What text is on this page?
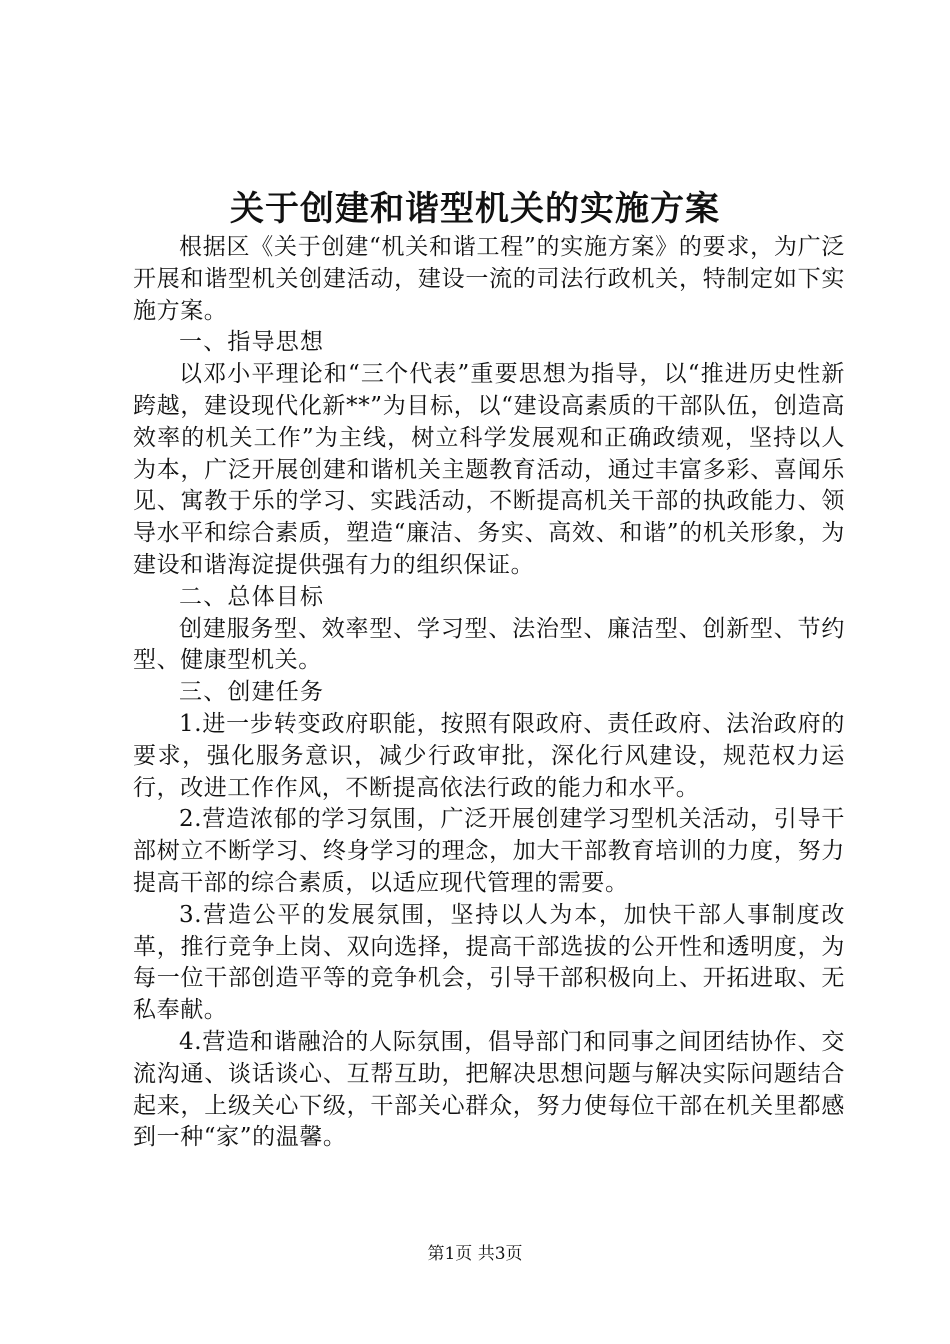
关于创建和谐型机关的实施方案

根据区《关于创建“机关和谐工程”的实施方案》的要求，为广泛开展和谐型机关创建活动，建设一流的司法行政机关，特制定如下实施方案。

一、指导思想

以邓小平理论和“三个代表”重要思想为指导，以“推进历史性新跨越，建设现代化新**”为目标，以“建设高素质的干部队伍，创造高效率的机关工作”为主线，树立科学发展观和正确政绩观，坚持以人为本，广泛开展创建和谐机关主题教育活动，通过丰富多彩、喜闻乐见、寓教于乐的学习、实践活动，不断提高机关干部的执政能力、领导水平和综合素质，塑造“廉洁、务实、高效、和谐”的机关形象，为建设和谐海淀提供强有力的组织保证。

二、总体目标

创建服务型、效率型、学习型、法治型、廉洁型、创新型、节约型、健康型机关。

三、创建任务

1.进一步转变政府职能，按照有限政府、责任政府、法治政府的要求，强化服务意识，减少行政审批，深化行风建设，规范权力运行，改进工作作风，不断提高依法行政的能力和水平。

2.营造浓郁的学习氛围，广泛开展创建学习型机关活动，引导干部树立不断学习、终身学习的理念，加大干部教育培训的力度，努力提高干部的综合素质，以适应现代管理的需要。

3.营造公平的发展氛围，坚持以人为本，加快干部人事制度改革，推行竞争上岗、双向选择，提高干部选拔的公开性和透明度，为每一位干部创造平等的竞争机会，引导干部积极向上、开拓进取、无私奉献。

4.营造和谐融洽的人际氛围，倡导部门和同事之间团结协作、交流沟通、谈话谈心、互帮互助，把解决思想问题与解决实际问题结合起来，上级关心下级，干部关心群众，努力使每位干部在机关里都感到一种“家”的温馨。

第1页 共3页
